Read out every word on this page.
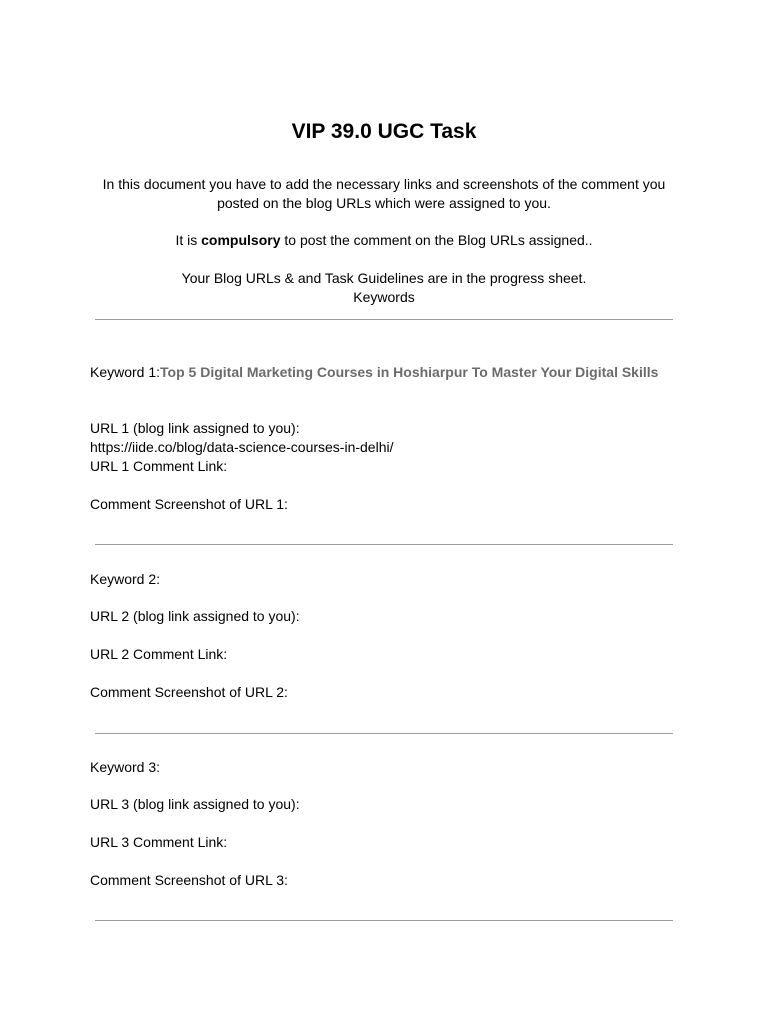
VIP 39.0 UGC Task
In this document you have to add the necessary links and screenshots of the comment you
posted on the blog URLs which were assigned to you.
It is compulsory to post the comment on the Blog URLs assigned..
Your Blog URLs & and Task Guidelines are in the progress sheet.
Keywords
Keyword 1:Top 5 Digital Marketing Courses in Hoshiarpur To Master Your Digital Skills
URL 1 (blog link assigned to you):
https://iide.co/blog/data-science-courses-in-delhi/
URL 1 Comment Link:
Comment Screenshot of URL 1:
Keyword 2:
URL 2 (blog link assigned to you):
URL 2 Comment Link:
Comment Screenshot of URL 2:
Keyword 3:
URL 3 (blog link assigned to you):
URL 3 Comment Link:
Comment Screenshot of URL 3:
